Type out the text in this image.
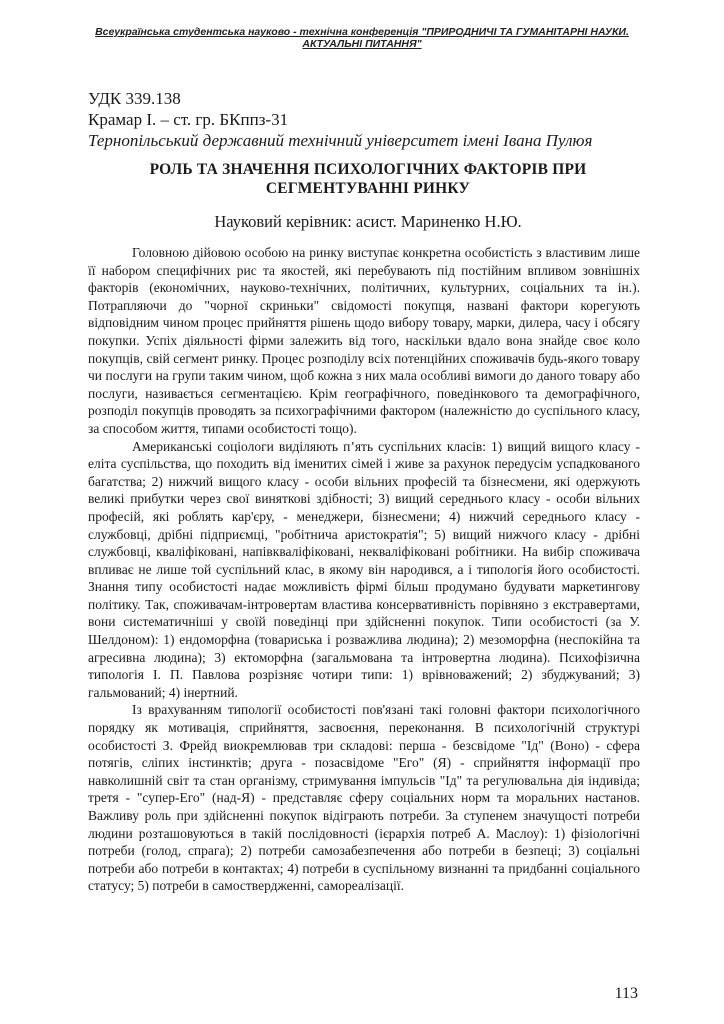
Всеукраїнська студентська науково - технічна конференція "ПРИРОДНИЧІ ТА ГУМАНІТАРНІ НАУКИ.
АКТУАЛЬНІ ПИТАННЯ"
УДК 339.138
Крамар І. – ст. гр. БКппз-31
Тернопільський державний технічний університет імені Івана Пулюя
РОЛЬ ТА ЗНАЧЕННЯ ПСИХОЛОГІЧНИХ ФАКТОРІВ ПРИ СЕГМЕНТУВАННІ РИНКУ
Науковий керівник: асист. Мариненко Н.Ю.

Головною дійовою особою на ринку виступає конкретна особистість з властивим лише її набором специфічних рис та якостей, які перебувають під постійним впливом зовнішніх факторів (економічних, науково-технічних, політичних, культурних, соціальних та ін.). Потрапляючи до "чорної скриньки" свідомості покупця, названі фактори корегують відповідним чином процес прийняття рішень щодо вибору товару, марки, дилера, часу і обсягу покупки. Успіх діяльності фірми залежить від того, наскільки вдало вона знайде своє коло покупців, свій сегмент ринку. Процес розподілу всіх потенційних споживачів будь-якого товару чи послуги на групи таким чином, щоб кожна з них мала особливі вимоги до даного товару або послуги, називається сегментацією. Крім географічного, поведінкового та демографічного, розподіл покупців проводять за психографічними фактором (належністю до суспільного класу, за способом життя, типами особистості тощо).

Американські соціологи виділяють п’ять суспільних класів: 1) вищий вищого класу - еліта суспільства, що походить від іменитих сімей і живе за рахунок передусім успадкованого багатства; 2) нижчий вищого класу - особи вільних професій та бізнесмени, які одержують великі прибутки через свої виняткові здібності; 3) вищий середнього класу - особи вільних професій, які роблять кар'єру, - менеджери, бізнесмени; 4) нижчий середнього класу - службовці, дрібні підприємці, "робітнича аристократія"; 5) вищий нижчого класу - дрібні службовці, кваліфіковані, напівкваліфіковані, некваліфіковані робітники. На вибір споживача впливає не лише той суспільний клас, в якому він народився, а і типологія його особистості. Знання типу особистості надає можливість фірмі більш продумано будувати маркетингову політику. Так, споживачам-інтровертам властива консервативність порівняно з екстравертами, вони систематичніші у своїй поведінці при здійсненні покупок. Типи особистості (за У. Шелдоном): 1) ендоморфна (товариська і розважлива людина); 2) мезоморфна (неспокійна та агресивна людина); 3) ектоморфна (загальмована та інтровертна людина). Психофізична типологія І. П. Павлова розрізняє чотири типи: 1) врівноважений; 2) збуджуваний; 3) гальмований; 4) інертний.

Із врахуванням типології особистості пов'язані такі головні фактори психологічного порядку як мотивація, сприйняття, засвоєння, переконання. В психологічній структурі особистості З. Фрейд виокремлював три складові: перша - безсвідоме "Ід" (Воно) - сфера потягів, сліпих інстинктів; друга - позасвідоме "Его" (Я) - сприйняття інформації про навколишній світ та стан організму, стримування імпульсів "Ід" та регулювальна дія індивіда; третя - "супер-Его" (над-Я) - представляє сферу соціальних норм та моральних настанов. Важливу роль при здійсненні покупок відіграють потреби. За ступенем значущості потреби людини розташовуються в такій послідовності (ієрархія потреб А. Маслоу): 1) фізіологічні потреби (голод, спрага); 2) потреби самозабезпечення або потреби в безпеці; 3) соціальні потреби або потреби в контактах; 4) потреби в суспільному визнанні та придбанні соціального статусу; 5) потреби в самоствердженні, самореалізації.

113
